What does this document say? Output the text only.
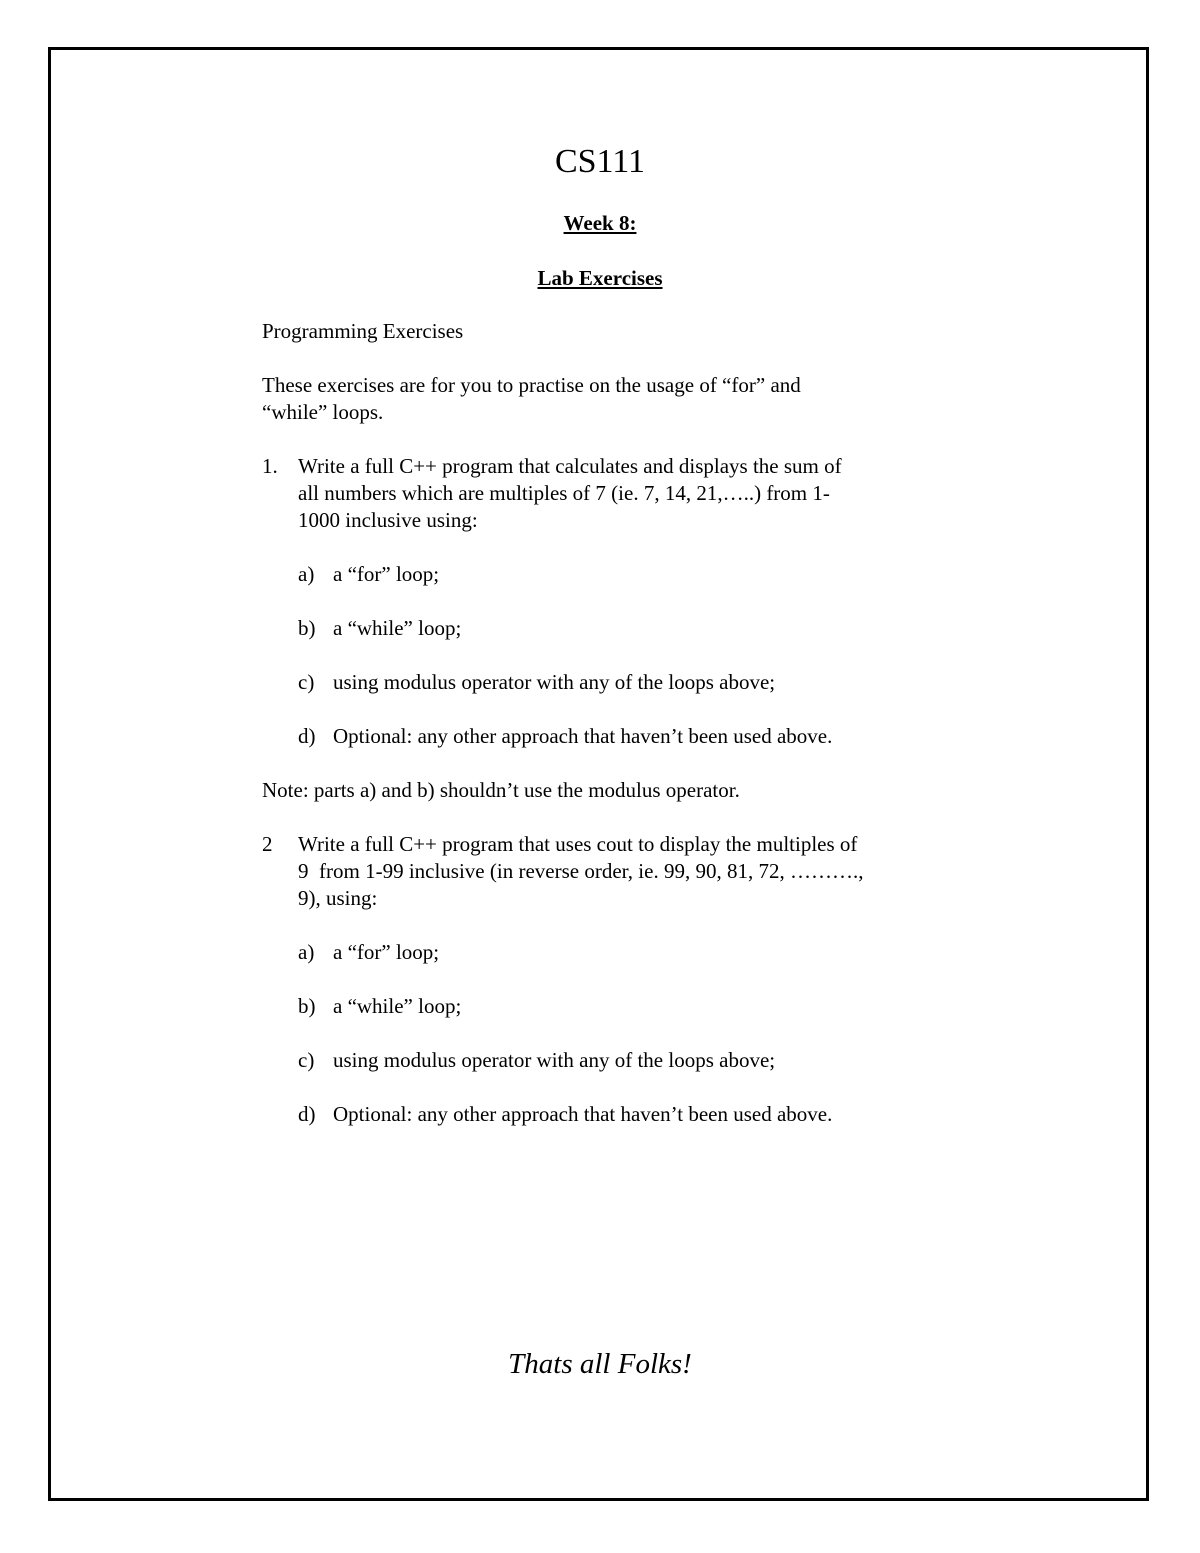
CS111
Week 8:
Lab Exercises
Programming Exercises
These exercises are for you to practise on the usage of “for” and
“while” loops.
1. Write a full C++ program that calculates and displays the sum of
all numbers which are multiples of 7 (ie. 7, 14, 21,…..) from 1-
1000 inclusive using:
a) a “for” loop;
b) a “while” loop;
c) using modulus operator with any of the loops above;
d) Optional: any other approach that haven’t been used above.
Note: parts a) and b) shouldn’t use the modulus operator.
2 Write a full C++ program that uses cout to display the multiples of
9  from 1-99 inclusive (in reverse order, ie. 99, 90, 81, 72, ……….,
9), using:
a) a “for” loop;
b) a “while” loop;
c) using modulus operator with any of the loops above;
d) Optional: any other approach that haven’t been used above.
Thats all Folks!
